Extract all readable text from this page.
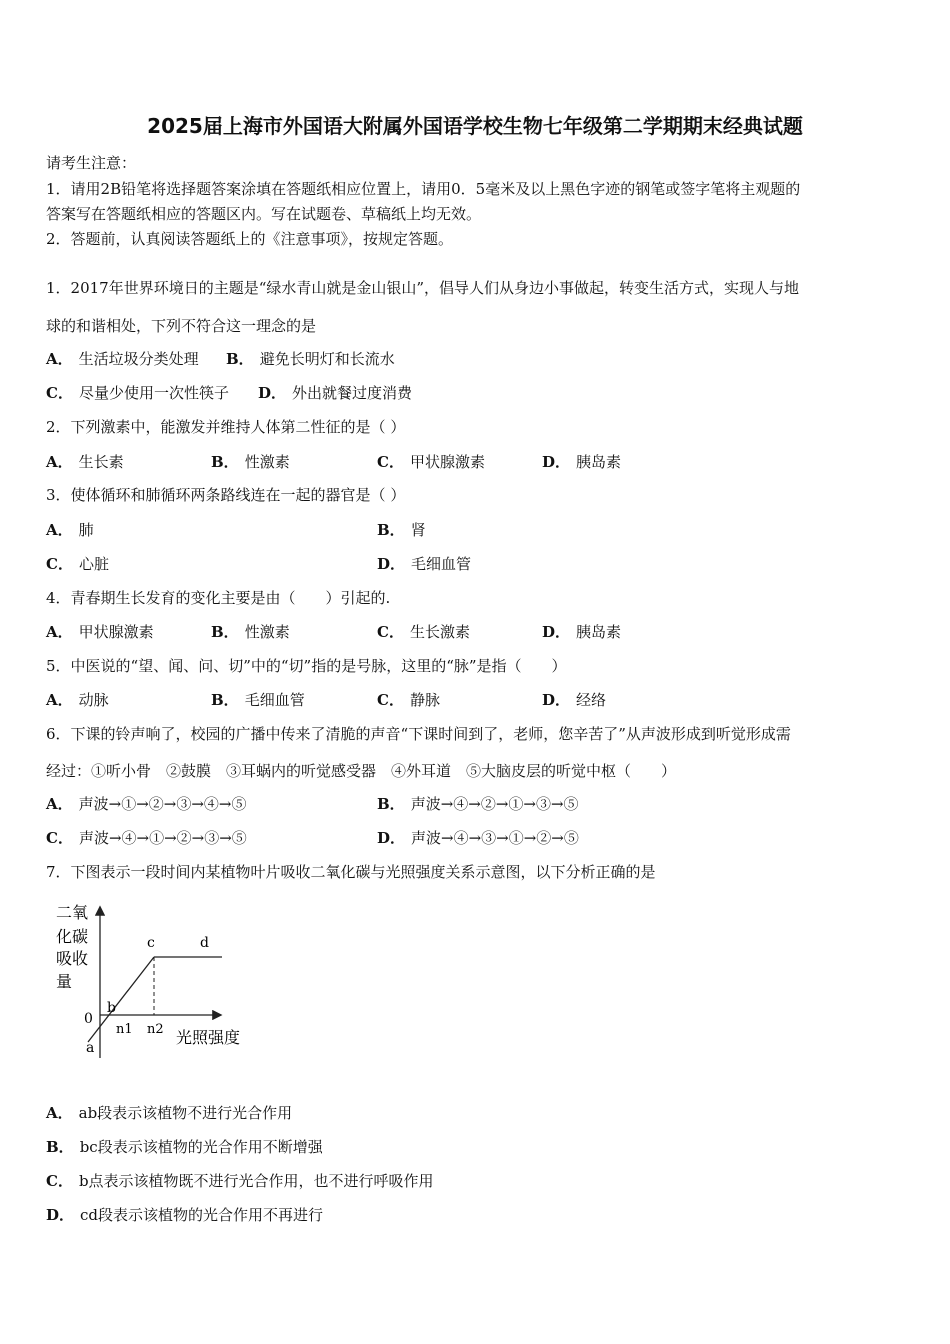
2025届上海市外国语大附属外国语学校生物七年级第二学期期末经典试题
请考生注意：
1．请用2B铅笔将选择题答案涂填在答题纸相应位置上，请用0．5毫米及以上黑色字迹的钢笔或签字笔将主观题的
答案写在答题纸相应的答题区内。写在试题卷、草稿纸上均无效。
2．答题前，认真阅读答题纸上的《注意事项》，按规定答题。
1．2017年世界环境日的主题是“绿水青山就是金山银山”，倡导人们从身边小事做起，转变生活方式，实现人与地
球的和谐相处，下列不符合这一理念的是
A． 生活垃圾分类处理 B． 避免长明灯和长流水
C． 尽量少使用一次性筷子 D． 外出就餐过度消费
2．下列激素中，能激发并维持人体第二性征的是（ ）
A． 生长素	B． 性激素	C． 甲状腺激素	D． 胰岛素
3．使体循环和肺循环两条路线连在一起的器官是（ ）
A． 肺	B． 肾
C． 心脏	D． 毛细血管
4．青春期生长发育的变化主要是由（　　）引起的.
A． 甲状腺激素	B． 性激素	C． 生长激素	D． 胰岛素
5．中医说的“望、闻、问、切”中的“切”指的是号脉，这里的“脉”是指（　　）
A． 动脉	B． 毛细血管	C． 静脉	D． 经络
6．下课的铃声响了，校园的广播中传来了清脆的声音“下课时间到了，老师，您辛苦了”从声波形成到听觉形成需
经过：①听小骨　②鼓膜　③耳蜗内的听觉感受器　④外耳道　⑤大脑皮层的听觉中枢（　　）
A． 声波→①→②→③→④→⑤	B． 声波→④→②→①→③→⑤
C． 声波→④→①→②→③→⑤	D． 声波→④→③→①→②→⑤
7．下图表示一段时间内某植物叶片吸收二氧化碳与光照强度关系示意图，以下分析正确的是
二氧
化碳
吸收
量
0
a
b
c	d
n1 n2 光照强度
A． ab段表示该植物不进行光合作用
B． bc段表示该植物的光合作用不断增强
C． b点表示该植物既不进行光合作用，也不进行呼吸作用
D． cd段表示该植物的光合作用不再进行
